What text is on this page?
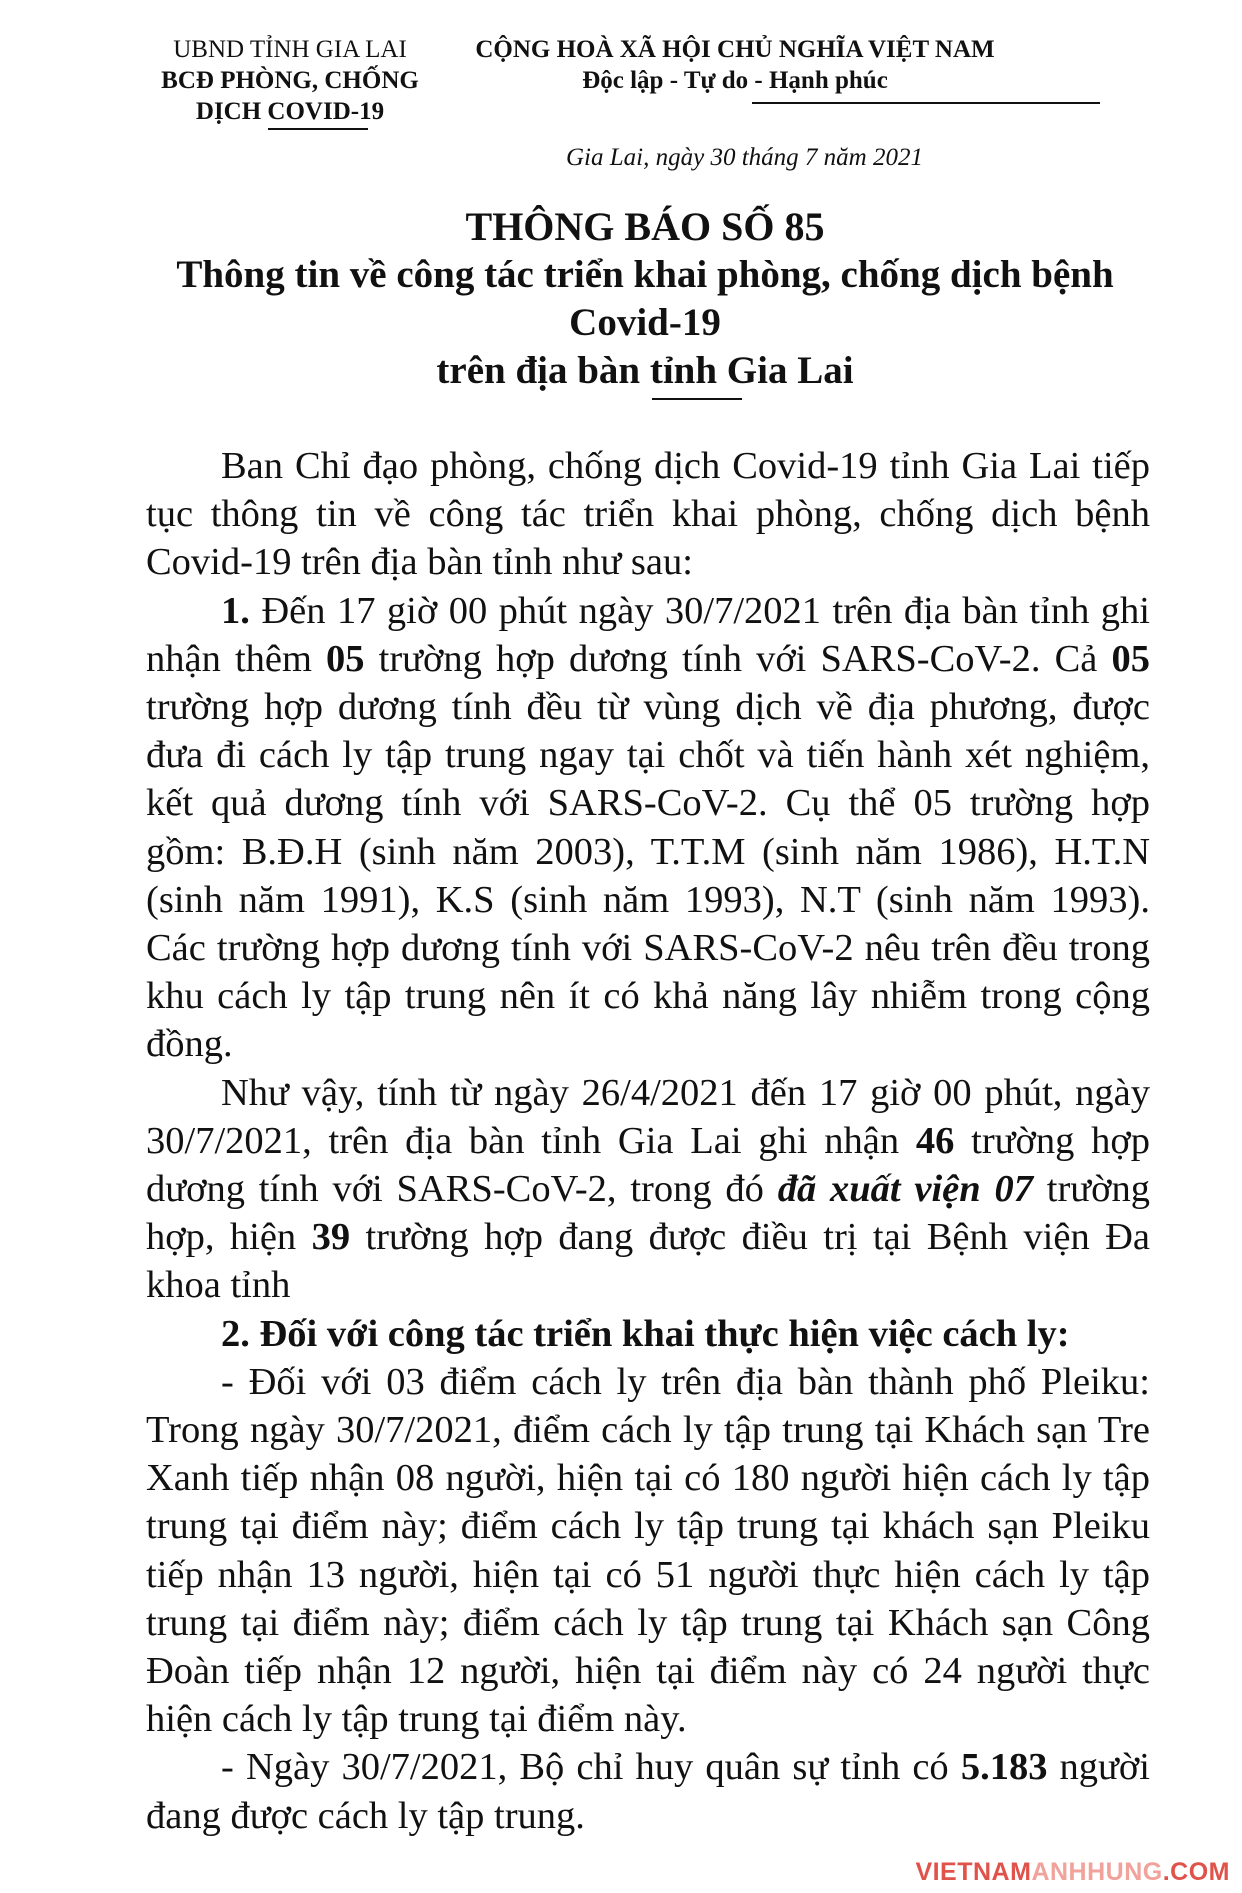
UBND TỈNH GIA LAI
BCĐ PHÒNG, CHỐNG
DỊCH COVID-19
CỘNG HOÀ XÃ HỘI CHỦ NGHĨA VIỆT NAM
Độc lập - Tự do - Hạnh phúc
Gia Lai, ngày 30 tháng 7 năm 2021
THÔNG BÁO SỐ 85
Thông tin về công tác triển khai phòng, chống dịch bệnh
Covid-19
trên địa bàn tỉnh Gia Lai

Ban Chỉ đạo phòng, chống dịch Covid-19 tỉnh Gia Lai tiếp tục thông tin về công tác triển khai phòng, chống dịch bệnh Covid-19 trên địa bàn tỉnh như sau:

1. Đến 17 giờ 00 phút ngày 30/7/2021 trên địa bàn tỉnh ghi nhận thêm 05 trường hợp dương tính với SARS-CoV-2. Cả 05 trường hợp dương tính đều từ vùng dịch về địa phương, được đưa đi cách ly tập trung ngay tại chốt và tiến hành xét nghiệm, kết quả dương tính với SARS-CoV-2. Cụ thể 05 trường hợp gồm: B.Đ.H (sinh năm 2003), T.T.M (sinh năm 1986), H.T.N (sinh năm 1991), K.S (sinh năm 1993), N.T (sinh năm 1993). Các trường hợp dương tính với SARS-CoV-2 nêu trên đều trong khu cách ly tập trung nên ít có khả năng lây nhiễm trong cộng đồng.

Như vậy, tính từ ngày 26/4/2021 đến 17 giờ 00 phút, ngày 30/7/2021, trên địa bàn tỉnh Gia Lai ghi nhận 46 trường hợp dương tính với SARS-CoV-2, trong đó đã xuất viện 07 trường hợp, hiện 39 trường hợp đang được điều trị tại Bệnh viện Đa khoa tỉnh

2. Đối với công tác triển khai thực hiện việc cách ly:

- Đối với 03 điểm cách ly trên địa bàn thành phố Pleiku: Trong ngày 30/7/2021, điểm cách ly tập trung tại Khách sạn Tre Xanh tiếp nhận 08 người, hiện tại có 180 người hiện cách ly tập trung tại điểm này; điểm cách ly tập trung tại khách sạn Pleiku tiếp nhận 13 người, hiện tại có 51 người thực hiện cách ly tập trung tại điểm này; điểm cách ly tập trung tại Khách sạn Công Đoàn tiếp nhận 12 người, hiện tại điểm này có 24 người thực hiện cách ly tập trung tại điểm này.

- Ngày 30/7/2021, Bộ chỉ huy quân sự tỉnh có 5.183 người đang được cách ly tập trung.

VIETNAMANHHUNG.COM
